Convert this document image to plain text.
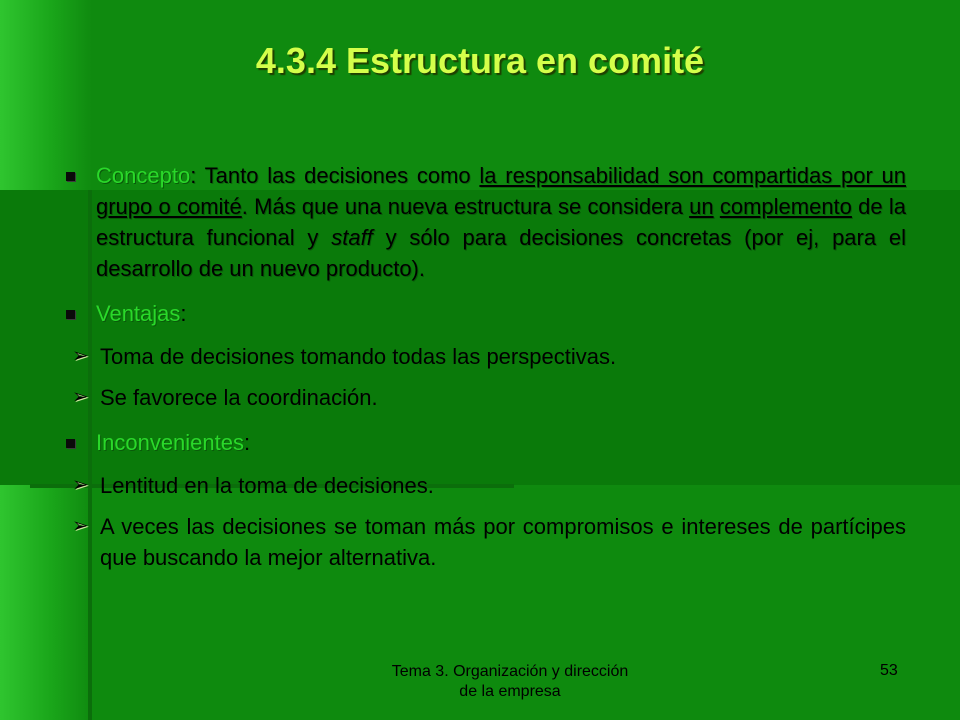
4.3.4 Estructura en comité
Concepto: Tanto las decisiones como la responsabilidad son compartidas por un grupo o comité. Más que una nueva estructura se considera un complemento de la estructura funcional y staff y sólo para decisiones concretas (por ej, para el desarrollo de un nuevo producto).
Ventajas:
➢ Toma de decisiones tomando todas las perspectivas.
➢ Se favorece la coordinación.
Inconvenientes:
➢ Lentitud en la toma de decisiones.
➢ A veces las decisiones se toman más por compromisos e intereses de partícipes que buscando la mejor alternativa.
Tema 3. Organización y dirección
de la empresa
53
